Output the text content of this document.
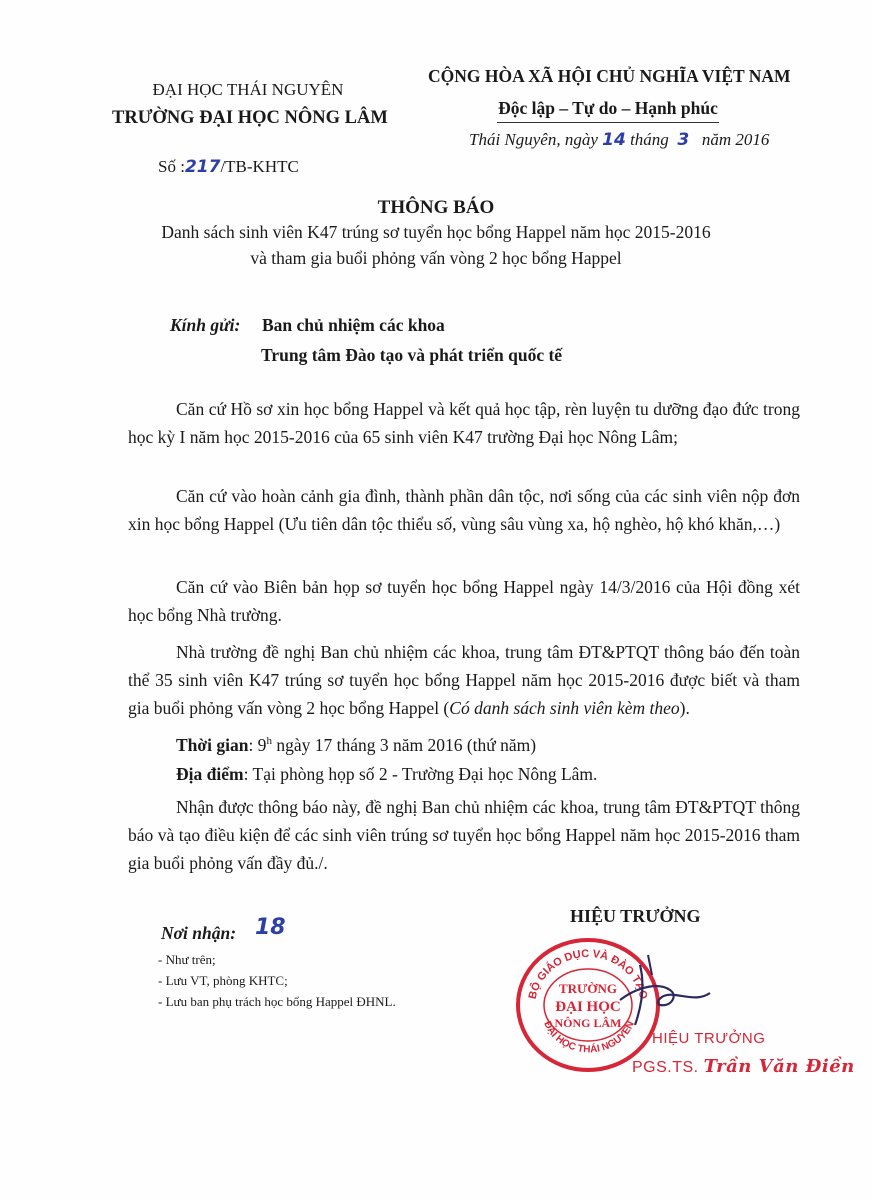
ĐẠI HỌC THÁI NGUYÊN
TRƯỜNG ĐẠI HỌC NÔNG LÂM
Số :217/TB-KHTC
CỘNG HÒA XÃ HỘI CHỦ NGHĨA VIỆT NAM
Độc lập – Tự do – Hạnh phúc
Thái Nguyên, ngày 14 tháng 3 năm 2016
THÔNG BÁO
Danh sách sinh viên K47 trúng sơ tuyển học bổng Happel năm học 2015-2016
và tham gia buổi phỏng vấn vòng 2 học bổng Happel
Kính gửi: Ban chủ nhiệm các khoa
Trung tâm Đào tạo và phát triển quốc tế

Căn cứ Hồ sơ xin học bổng Happel và kết quả học tập, rèn luyện tu dưỡng đạo đức trong học kỳ I năm học 2015-2016 của 65 sinh viên K47 trường Đại học Nông Lâm;

Căn cứ vào hoàn cảnh gia đình, thành phần dân tộc, nơi sống của các sinh viên nộp đơn xin học bổng Happel (Ưu tiên dân tộc thiểu số, vùng sâu vùng xa, hộ nghèo, hộ khó khăn,…)

Căn cứ vào Biên bản họp sơ tuyển học bổng Happel ngày 14/3/2016 của Hội đồng xét học bổng Nhà trường.

Nhà trường đề nghị Ban chủ nhiệm các khoa, trung tâm ĐT&PTQT thông báo đến toàn thể 35 sinh viên K47 trúng sơ tuyển học bổng Happel năm học 2015-2016 được biết và tham gia buổi phỏng vấn vòng 2 học bổng Happel (Có danh sách sinh viên kèm theo).

Thời gian: 9$^h$ ngày 17 tháng 3 năm 2016 (thứ năm)
Địa điểm: Tại phòng họp số 2 - Trường Đại học Nông Lâm.

Nhận được thông báo này, đề nghị Ban chủ nhiệm các khoa, trung tâm ĐT&PTQT thông báo và tạo điều kiện để các sinh viên trúng sơ tuyển học bổng Happel năm học 2015-2016 tham gia buổi phỏng vấn đầy đủ./.

Nơi nhận: 18
- Như trên;
- Lưu VT, phòng KHTC;
- Lưu ban phụ trách học bổng Happel ĐHNL.
HIỆU TRƯỞNG
BỘ GIÁO DỤC VÀ ĐÀO TẠO
ĐẠI HỌC THÁI NGUYÊN
TRƯỜNG
ĐẠI HỌC
NÔNG LÂM
HIỆU TRƯỞNG
PGS.TS. Trần Văn Điền
